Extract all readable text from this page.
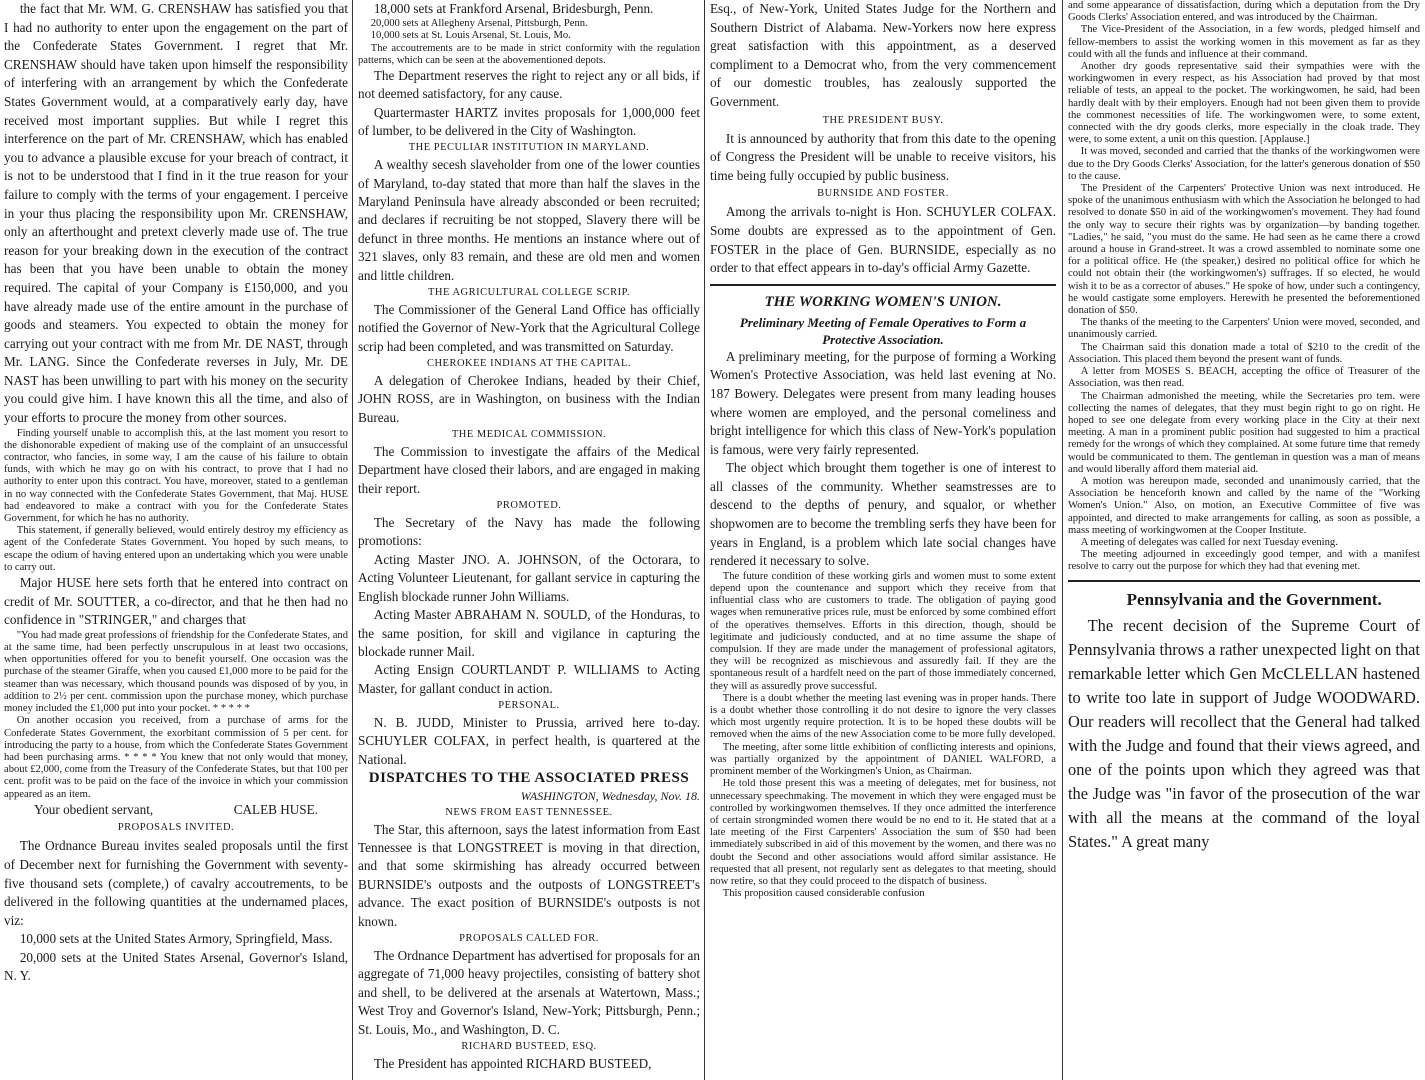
the fact that Mr. WM. G. CRENSHAW has satisfied you that I had no authority to enter upon the engagement on the part of the Confederate States Government. I regret that Mr. CRENSHAW should have taken upon himself the responsibility of interfering with an arrangement by which the Confederate States Government would, at a comparatively early day, have received most important supplies. But while I regret this interference on the part of Mr. CRENSHAW, which has enabled you to advance a plausible excuse for your breach of contract, it is not to be understood that I find in it the true reason for your failure to comply with the terms of your engagement. I perceive in your thus placing the responsibility upon Mr. CRENSHAW, only an afterthought and pretext cleverly made use of. The true reason for your breaking down in the execution of the contract has been that you have been unable to obtain the money required. The capital of your Company is £150,000, and you have already made use of the entire amount in the purchase of goods and steamers. You expected to obtain the money for carrying out your contract with me from Mr. DE NAST, through Mr. LANG. Since the Confederate reverses in July, Mr. DE NAST has been unwilling to part with his money on the security you could give him. I have known this all the time, and also of your efforts to procure the money from other sources.

Finding yourself unable to accomplish this, at the last moment you resort to the dishonorable expedient of making use of the complaint of an unsuccessful contractor, who fancies, in some way, I am the cause of his failure to obtain funds, with which he may go on with his contract, to prove that I had no authority to enter upon this contract. You have, moreover, stated to a gentleman in no way connected with the Confederate States Government, that Maj. HUSE had endeavored to make a contract with you for the Confederate States Government, for which he has no authority.

This statement, if generally believed, would entirely destroy my efficiency as agent of the Confederate States Government. You hoped by such means, to escape the odium of having entered upon an undertaking which you were unable to carry out.

Major HUSE here sets forth that he entered into contract on credit of Mr. SOUTTER, a co-director, and that he then had no confidence in "STRINGER," and charges that

"You had made great professions of friendship for the Confederate States, and at the same time, had been perfectly unscrupulous in at least two occasions, when opportunities offered for you to benefit yourself. One occasion was the purchase of the steamer Giraffe, when you caused £1,000 more to be paid for the steamer than was necessary, which thousand pounds was disposed of by you, in addition to 2½ per cent. commission upon the purchase money, which purchase money included the £1,000 put into your pocket. * * * * *

On another occasion you received, from a purchase of arms for the Confederate States Government, the exorbitant commission of 5 per cent. for introducing the party to a house, from which the Confederate States Government had been purchasing arms. * * * * You knew that not only would that money, about £2,000, come from the Treasury of the Confederate States, but that 100 per cent. profit was to be paid on the face of the invoice in which your commission appeared as an item.

Your obedient servant,	CALEB HUSE.

PROPOSALS INVITED.

The Ordnance Bureau invites sealed proposals until the first of December next for furnishing the Government with seventy-five thousand sets (complete,) of cavalry accoutrements, to be delivered in the following quantities at the undernamed places, viz:

10,000 sets at the United States Armory, Springfield, Mass.

20,000 sets at the United States Arsenal, Governor's Island, N. Y.

18,000 sets at Frankford Arsenal, Bridesburgh, Penn.

20,000 sets at Allegheny Arsenal, Pittsburgh, Penn.

10,000 sets at St. Louis Arsenal, St. Louis, Mo.

The accoutrements are to be made in strict conformity with the regulation patterns, which can be seen at the abovementioned depots.

The Department reserves the right to reject any or all bids, if not deemed satisfactory, for any cause.

Quartermaster HARTZ invites proposals for 1,000,000 feet of lumber, to be delivered in the City of Washington.

THE PECULIAR INSTITUTION IN MARYLAND.

A wealthy secesh slaveholder from one of the lower counties of Maryland, to-day stated that more than half the slaves in the Maryland Peninsula have already absconded or been recruited; and declares if recruiting be not stopped, Slavery there will be defunct in three months. He mentions an instance where out of 321 slaves, only 83 remain, and these are old men and women and little children.

THE AGRICULTURAL COLLEGE SCRIP.

The Commissioner of the General Land Office has officially notified the Governor of New-York that the Agricultural College scrip had been completed, and was transmitted on Saturday.

CHEROKEE INDIANS AT THE CAPITAL.

A delegation of Cherokee Indians, headed by their Chief, JOHN ROSS, are in Washington, on business with the Indian Bureau.

THE MEDICAL COMMISSION.

The Commission to investigate the affairs of the Medical Department have closed their labors, and are engaged in making their report.

PROMOTED.

The Secretary of the Navy has made the following promotions:

Acting Master JNO. A. JOHNSON, of the Octorara, to Acting Volunteer Lieutenant, for gallant service in capturing the English blockade runner John Williams.

Acting Master ABRAHAM N. SOULD, of the Honduras, to the same position, for skill and vigilance in capturing the blockade runner Mail.

Acting Ensign COURTLANDT P. WILLIAMS to Acting Master, for gallant conduct in action.

PERSONAL.

N. B. JUDD, Minister to Prussia, arrived here to-day. SCHUYLER COLFAX, in perfect health, is quartered at the National.

DISPATCHES TO THE ASSOCIATED PRESS

WASHINGTON, Wednesday, Nov. 18.

NEWS FROM EAST TENNESSEE.

The Star, this afternoon, says the latest information from East Tennessee is that LONGSTREET is moving in that direction, and that some skirmishing has already occurred between BURNSIDE's outposts and the outposts of LONGSTREET's advance. The exact position of BURNSIDE's outposts is not known.

PROPOSALS CALLED FOR.

The Ordnance Department has advertised for proposals for an aggregate of 71,000 heavy projectiles, consisting of battery shot and shell, to be delivered at the arsenals at Watertown, Mass.; West Troy and Governor's Island, New-York; Pittsburgh, Penn.; St. Louis, Mo., and Washington, D. C.

RICHARD BUSTEED, ESQ.

The President has appointed RICHARD BUSTEED,

Esq., of New-York, United States Judge for the Northern and Southern District of Alabama. New-Yorkers now here express great satisfaction with this appointment, as a deserved compliment to a Democrat who, from the very commencement of our domestic troubles, has zealously supported the Government.

THE PRESIDENT BUSY.

It is announced by authority that from this date to the opening of Congress the President will be unable to receive visitors, his time being fully occupied by public business.

BURNSIDE AND FOSTER.

Among the arrivals to-night is Hon. SCHUYLER COLFAX. Some doubts are expressed as to the appointment of Gen. FOSTER in the place of Gen. BURNSIDE, especially as no order to that effect appears in to-day's official Army Gazette.

THE WORKING WOMEN'S UNION.

Preliminary Meeting of Female Operatives to Form a Protective Association.

A preliminary meeting, for the purpose of forming a Working Women's Protective Association, was held last evening at No. 187 Bowery. Delegates were present from many leading houses where women are employed, and the personal comeliness and bright intelligence for which this class of New-York's population is famous, were very fairly represented.

The object which brought them together is one of interest to all classes of the community. Whether seamstresses are to descend to the depths of penury, and squalor, or whether shopwomen are to become the trembling serfs they have been for years in England, is a problem which late social changes have rendered it necessary to solve.

The future condition of these working girls and women must to some extent depend upon the countenance and support which they receive from that influential class who are customers to trade. The obligation of paying good wages when remunerative prices rule, must be enforced by some combined effort of the operatives themselves. Efforts in this direction, though, should be legitimate and judiciously conducted, and at no time assume the shape of compulsion. If they are made under the management of professional agitators, they will be recognized as mischievous and assuredly fail. If they are the spontaneous result of a hardfelt need on the part of those immediately concerned, they will as assuredly prove successful.

There is a doubt whether the meeting last evening was in proper hands. There is a doubt whether those controlling it do not desire to ignore the very classes which most urgently require protection. It is to be hoped these doubts will be removed when the aims of the new Association come to be more fully developed.

The meeting, after some little exhibition of conflicting interests and opinions, was partially organized by the appointment of DANIEL WALFORD, a prominent member of the Workingmen's Union, as Chairman.

He told those present this was a meeting of delegates, met for business, not unnecessary speechmaking. The movement in which they were engaged must be controlled by workingwomen themselves. If they once admitted the interference of certain strongminded women there would be no end to it. He stated that at a late meeting of the First Carpenters' Association the sum of $50 had been immediately subscribed in aid of this movement by the women, and there was no doubt the Second and other associations would afford similar assistance. He requested that all present, not regularly sent as delegates to that meeting, should now retire, so that they could proceed to the dispatch of business.

This proposition caused considerable confusion

and some appearance of dissatisfaction, during which a deputation from the Dry Goods Clerks' Association entered, and was introduced by the Chairman.

The Vice-President of the Association, in a few words, pledged himself and fellow-members to assist the working women in this movement as far as they could with all the funds and influence at their command.

Another dry goods representative said their sympathies were with the workingwomen in every respect, as his Association had proved by that most reliable of tests, an appeal to the pocket. The workingwomen, he said, had been hardly dealt with by their employers. Enough had not been given them to provide the commonest necessities of life. The workingwomen were, to some extent, connected with the dry goods clerks, more especially in the cloak trade. They were, to some extent, a unit on this question. [Applause.]

It was moved, seconded and carried that the thanks of the workingwomen were due to the Dry Goods Clerks' Association, for the latter's generous donation of $50 to the cause.

The President of the Carpenters' Protective Union was next introduced. He spoke of the unanimous enthusiasm with which the Association he belonged to had resolved to donate $50 in aid of the workingwomen's movement. They had found the only way to secure their rights was by organization—by banding together. "Ladies," he said, "you must do the same. He had seen as he came there a crowd around a house in Grand-street. It was a crowd assembled to nominate some one for a political office. He (the speaker,) desired no political office for which he could not obtain their (the workingwomen's) suffrages. If so elected, he would wish it to be as a corrector of abuses." He spoke of how, under such a contingency, he would castigate some employers. Herewith he presented the beforementioned donation of $50.

The thanks of the meeting to the Carpenters' Union were moved, seconded, and unanimously carried.

The Chairman said this donation made a total of $210 to the credit of the Association. This placed them beyond the present want of funds.

A letter from MOSES S. BEACH, accepting the office of Treasurer of the Association, was then read.

The Chairman admonished the meeting, while the Secretaries pro tem. were collecting the names of delegates, that they must begin right to go on right. He hoped to see one delegate from every working place in the City at their next meeting. A man in a prominent public position had suggested to him a practical remedy for the wrongs of which they complained. At some future time that remedy would be communicated to them. The gentleman in question was a man of means and would liberally afford them material aid.

A motion was hereupon made, seconded and unanimously carried, that the Association be henceforth known and called by the name of the "Working Women's Union." Also, on motion, an Executive Committee of five was appointed, and directed to make arrangements for calling, as soon as possible, a mass meeting of workingwomen at the Cooper Institute.

A meeting of delegates was called for next Tuesday evening.

The meeting adjourned in exceedingly good temper, and with a manifest resolve to carry out the purpose for which they had that evening met.

Pennsylvania and the Government.

The recent decision of the Supreme Court of Pennsylvania throws a rather unexpected light on that remarkable letter which Gen McCLELLAN hastened to write too late in support of Judge WOODWARD. Our readers will recollect that the General had talked with the Judge and found that their views agreed, and one of the points upon which they agreed was that the Judge was "in favor of the prosecution of the war with all the means at the command of the loyal States." A great many
